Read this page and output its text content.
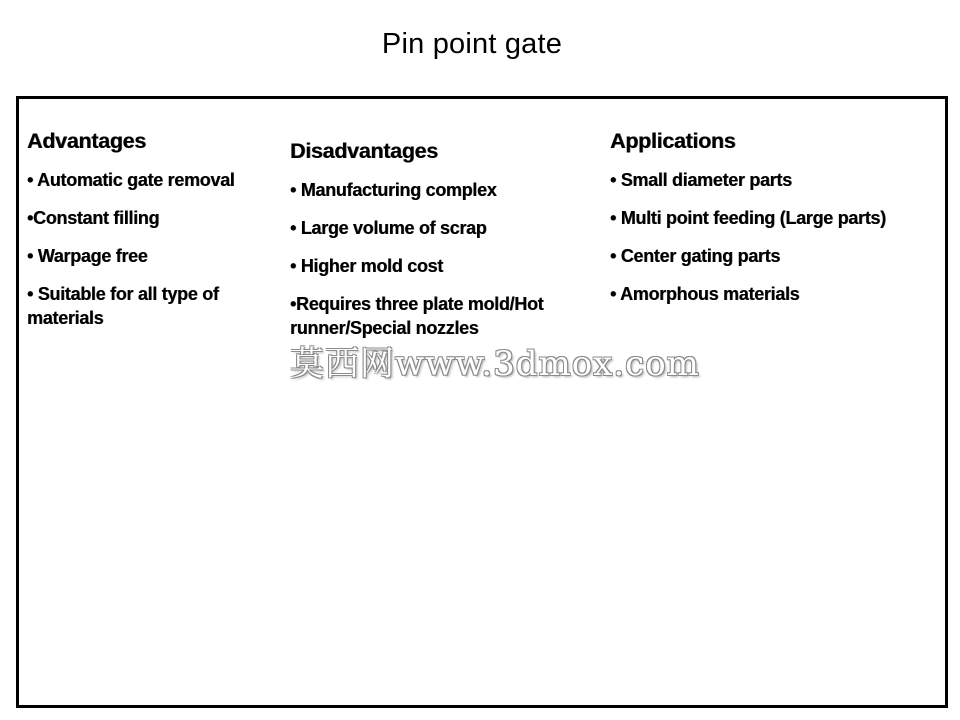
Pin point gate
Advantages
• Automatic gate removal
•Constant filling
• Warpage free
• Suitable for all type of materials
Disadvantages
• Manufacturing complex
• Large volume of scrap
• Higher mold cost
•Requires three plate mold/Hot runner/Special nozzles
Applications
• Small diameter parts
• Multi point feeding (Large parts)
• Center gating parts
• Amorphous materials
莫西网www.3dmox.com
